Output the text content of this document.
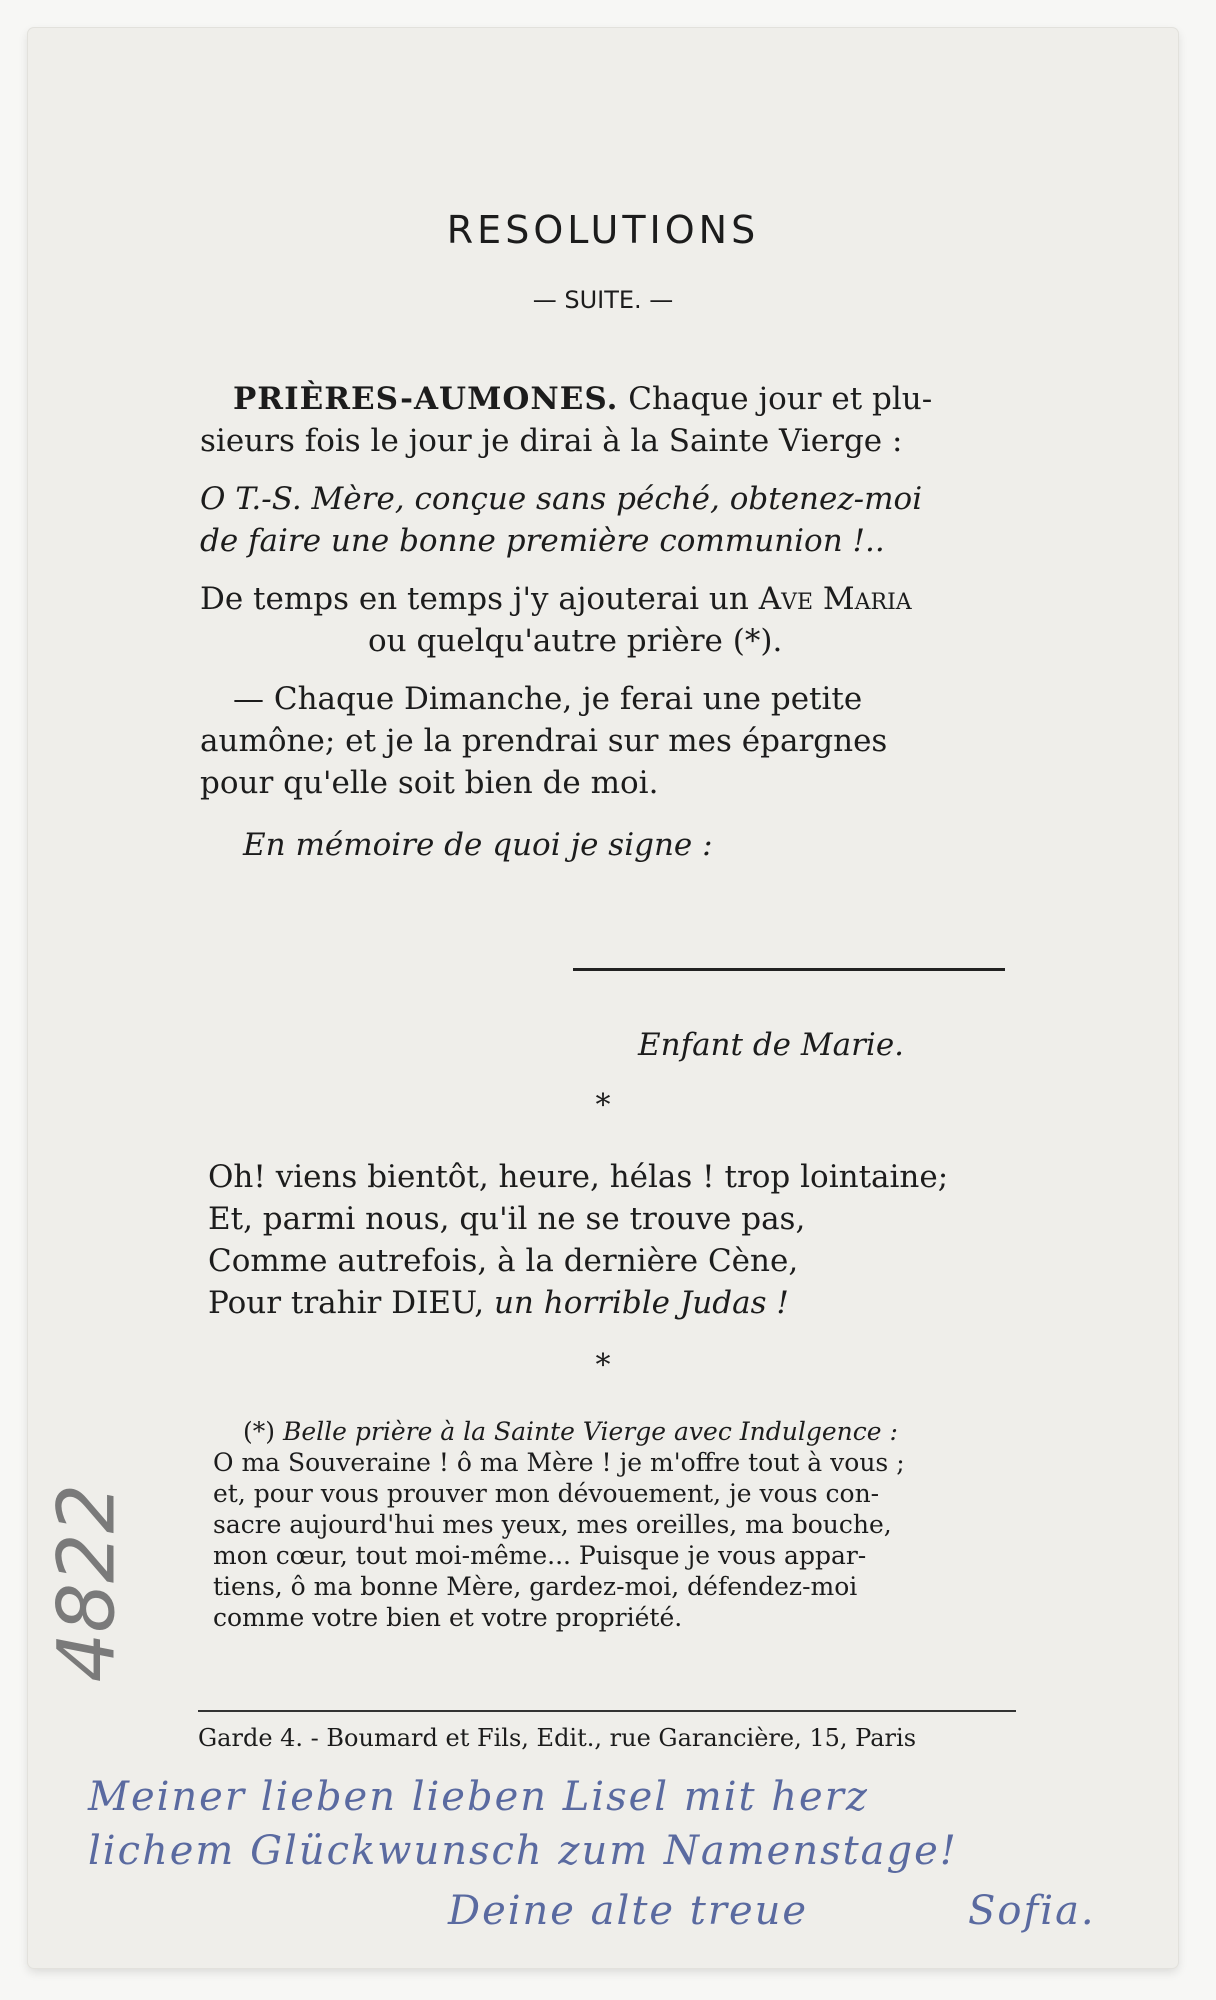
RESOLUTIONS
— SUITE. —
PRIÈRES-AUMONES. Chaque jour et plu-
sieurs fois le jour je dirai à la Sainte Vierge :
O T.-S. Mère, conçue sans péché, obtenez-moi
de faire une bonne première communion !..
De temps en temps j'y ajouterai un Ave Maria
ou quelqu'autre prière (*).
— Chaque Dimanche, je ferai une petite
aumône; et je la prendrai sur mes épargnes
pour qu'elle soit bien de moi.
En mémoire de quoi je signe :
Enfant de Marie.
*
Oh! viens bientôt, heure, hélas ! trop lointaine;
Et, parmi nous, qu'il ne se trouve pas,
Comme autrefois, à la dernière Cène,
Pour trahir DIEU, un horrible Judas !
*
(*) Belle prière à la Sainte Vierge avec Indulgence :
O ma Souveraine ! ô ma Mère ! je m'offre tout à vous ;
et, pour vous prouver mon dévouement, je vous con-
sacre aujourd'hui mes yeux, mes oreilles, ma bouche,
mon cœur, tout moi-même... Puisque je vous appar-
tiens, ô ma bonne Mère, gardez-moi, défendez-moi
comme votre bien et votre propriété.
Garde 4. - Boumard et Fils, Edit., rue Garancière, 15, Paris
4822
Meiner lieben lieben Lisel mit herz
lichem Glückwunsch zum Namenstage!
Deine alte treue	Sofia.
